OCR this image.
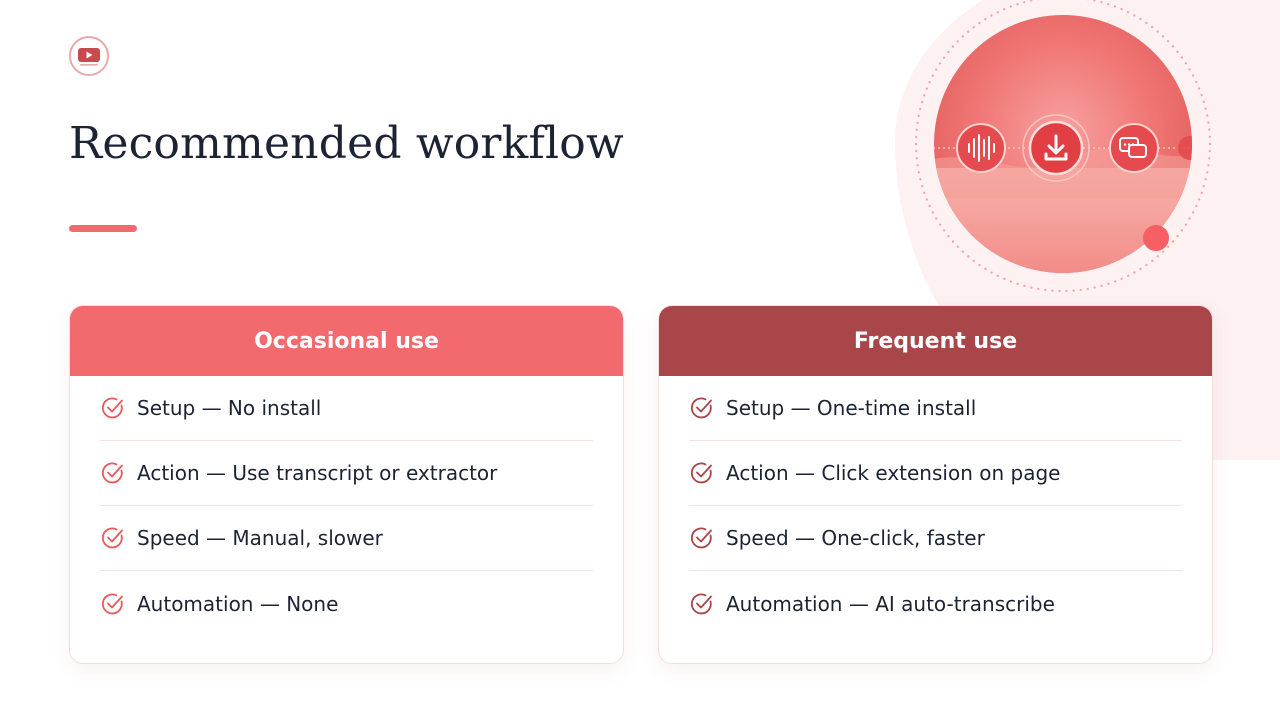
Recommended workflow
Occasional use
Setup — No install
Action — Use transcript or extractor
Speed — Manual, slower
Automation — None
Frequent use
Setup — One-time install
Action — Click extension on page
Speed — One-click, faster
Automation — AI auto-transcribe
